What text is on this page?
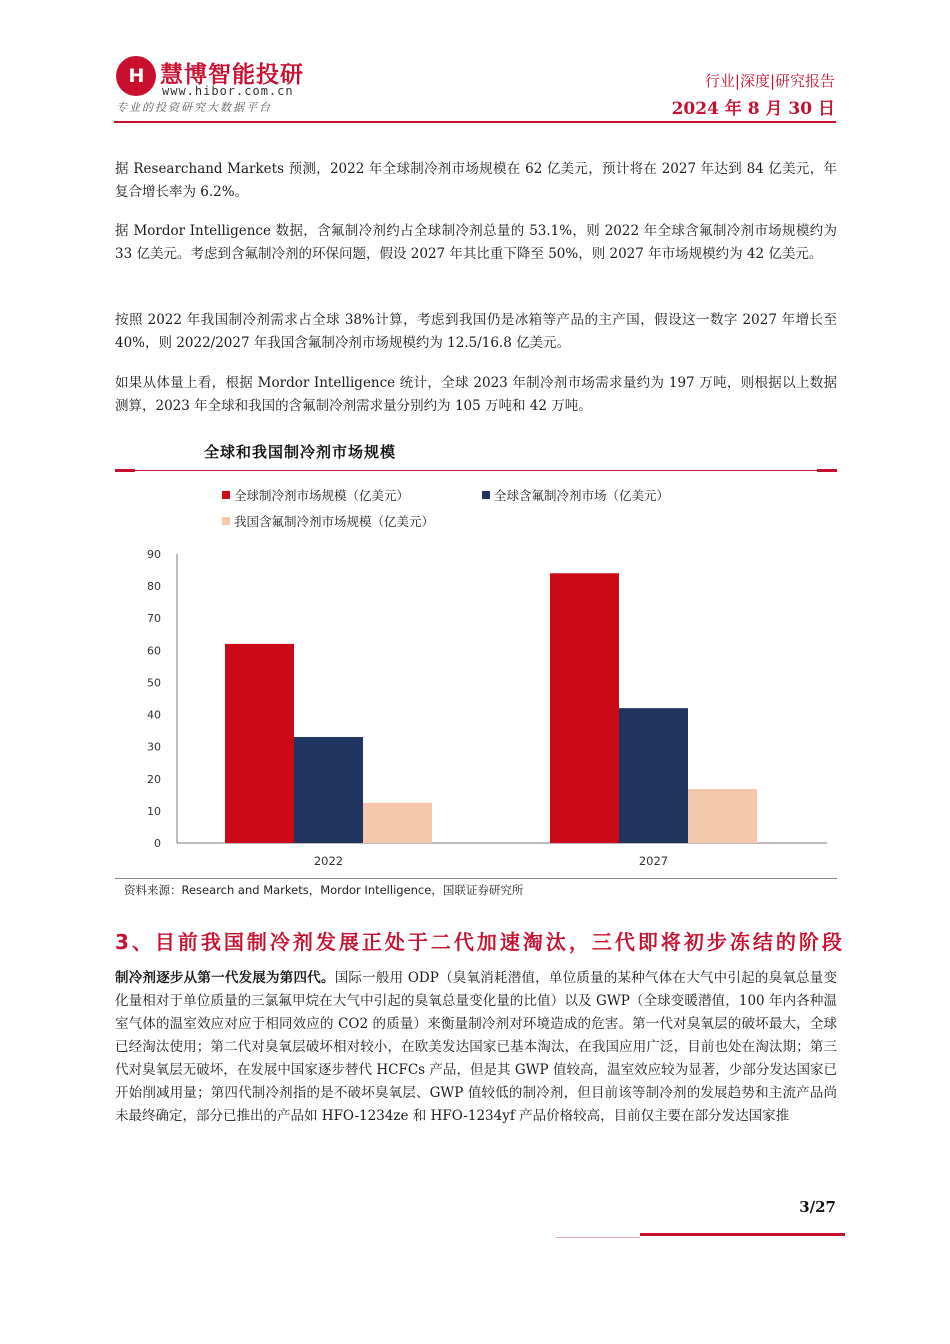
H 慧博智能投研
www.hibor.com.cn
专业的投资研究大数据平台
行业|深度|研究报告
2024 年 8 月 30 日

据 Researchand Markets 预测，2022 年全球制冷剂市场规模在 62 亿美元，预计将在 2027 年达到 84 亿美元，年复合增长率为 6.2%。

据 Mordor Intelligence 数据，含氟制冷剂约占全球制冷剂总量的 53.1%，则 2022 年全球含氟制冷剂市场规模约为 33 亿美元。考虑到含氟制冷剂的环保问题，假设 2027 年其比重下降至 50%，则 2027 年市场规模约为 42 亿美元。

按照 2022 年我国制冷剂需求占全球 38%计算，考虑到我国仍是冰箱等产品的主产国，假设这一数字 2027 年增长至 40%，则 2022/2027 年我国含氟制冷剂市场规模约为 12.5/16.8 亿美元。

如果从体量上看，根据 Mordor Intelligence 统计，全球 2023 年制冷剂市场需求量约为 197 万吨，则根据以上数据测算，2023 年全球和我国的含氟制冷剂需求量分别约为 105 万吨和 42 万吨。

全球和我国制冷剂市场规模
全球制冷剂市场规模（亿美元）	全球含氟制冷剂市场（亿美元）
我国含氟制冷剂市场规模（亿美元）
0
10
20
30
40
50
60
70
80
90
2022	2027
资料来源：Research and Markets，Mordor Intelligence，国联证券研究所
3、目前我国制冷剂发展正处于二代加速淘汰，三代即将初步冻结的阶段

制冷剂逐步从第一代发展为第四代。国际一般用 ODP（臭氧消耗潜值，单位质量的某种气体在大气中引起的臭氧总量变化量相对于单位质量的三氯氟甲烷在大气中引起的臭氧总量变化量的比值）以及 GWP（全球变暖潜值，100 年内各种温室气体的温室效应对应于相同效应的 CO2 的质量）来衡量制冷剂对环境造成的危害。第一代对臭氧层的破坏最大，全球已经淘汰使用；第二代对臭氧层破坏相对较小，在欧美发达国家已基本淘汰，在我国应用广泛，目前也处在淘汰期；第三代对臭氧层无破坏，在发展中国家逐步替代 HCFCs 产品，但是其 GWP 值较高，温室效应较为显著，少部分发达国家已开始削减用量；第四代制冷剂指的是不破坏臭氧层、GWP 值较低的制冷剂，但目前该等制冷剂的发展趋势和主流产品尚未最终确定，部分已推出的产品如 HFO-1234ze 和 HFO-1234yf 产品价格较高，目前仅主要在部分发达国家推

3/27
